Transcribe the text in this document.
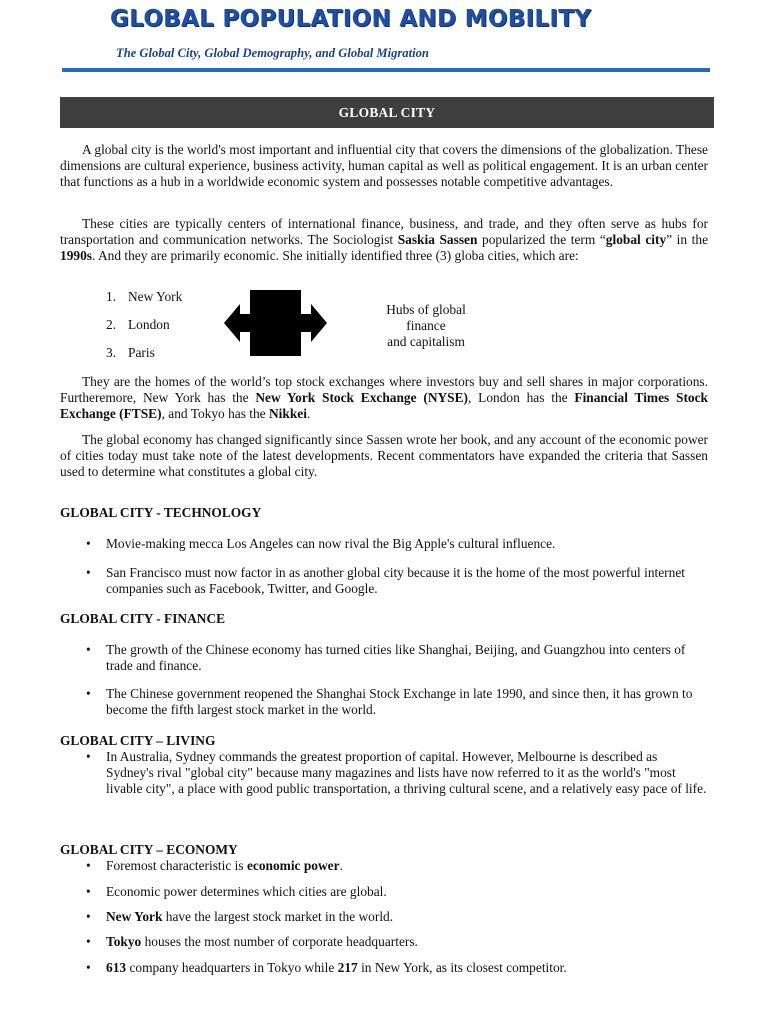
GLOBAL POPULATION AND MOBILITY
The Global City, Global Demography, and Global Migration
GLOBAL CITY

A global city is the world's most important and influential city that covers the dimensions of the globalization. These dimensions are cultural experience, business activity, human capital as well as political engagement. It is an urban center that functions as a hub in a worldwide economic system and possesses notable competitive advantages.

These cities are typically centers of international finance, business, and trade, and they often serve as hubs for transportation and communication networks. The Sociologist Saskia Sassen popularized the term “global city” in the 1990s. And they are primarily economic. She initially identified three (3) globa cities, which are:

1. New York
2. London
3. Paris
Hubs of global finance
and capitalism

They are the homes of the world’s top stock exchanges where investors buy and sell shares in major corporations. Furtheremore, New York has the New York Stock Exchange (NYSE), London has the Financial Times Stock Exchange (FTSE), and Tokyo has the Nikkei.

The global economy has changed significantly since Sassen wrote her book, and any account of the economic power of cities today must take note of the latest developments. Recent commentators have expanded the criteria that Sassen used to determine what constitutes a global city.

GLOBAL CITY - TECHNOLOGY
• Movie-making mecca Los Angeles can now rival the Big Apple's cultural influence.
• San Francisco must now factor in as another global city because it is the home of the most powerful internet companies such as Facebook, Twitter, and Google.
GLOBAL CITY - FINANCE
• The growth of the Chinese economy has turned cities like Shanghai, Beijing, and Guangzhou into centers of trade and finance.
• The Chinese government reopened the Shanghai Stock Exchange in late 1990, and since then, it has grown to become the fifth largest stock market in the world.
GLOBAL CITY – LIVING
• In Australia, Sydney commands the greatest proportion of capital. However, Melbourne is described as Sydney's rival "global city" because many magazines and lists have now referred to it as the world's "most livable city", a place with good public transportation, a thriving cultural scene, and a relatively easy pace of life.
GLOBAL CITY – ECONOMY
• Foremost characteristic is economic power.
• Economic power determines which cities are global.
• New York have the largest stock market in the world.
• Tokyo houses the most number of corporate headquarters.
• 613 company headquarters in Tokyo while 217 in New York, as its closest competitor.
